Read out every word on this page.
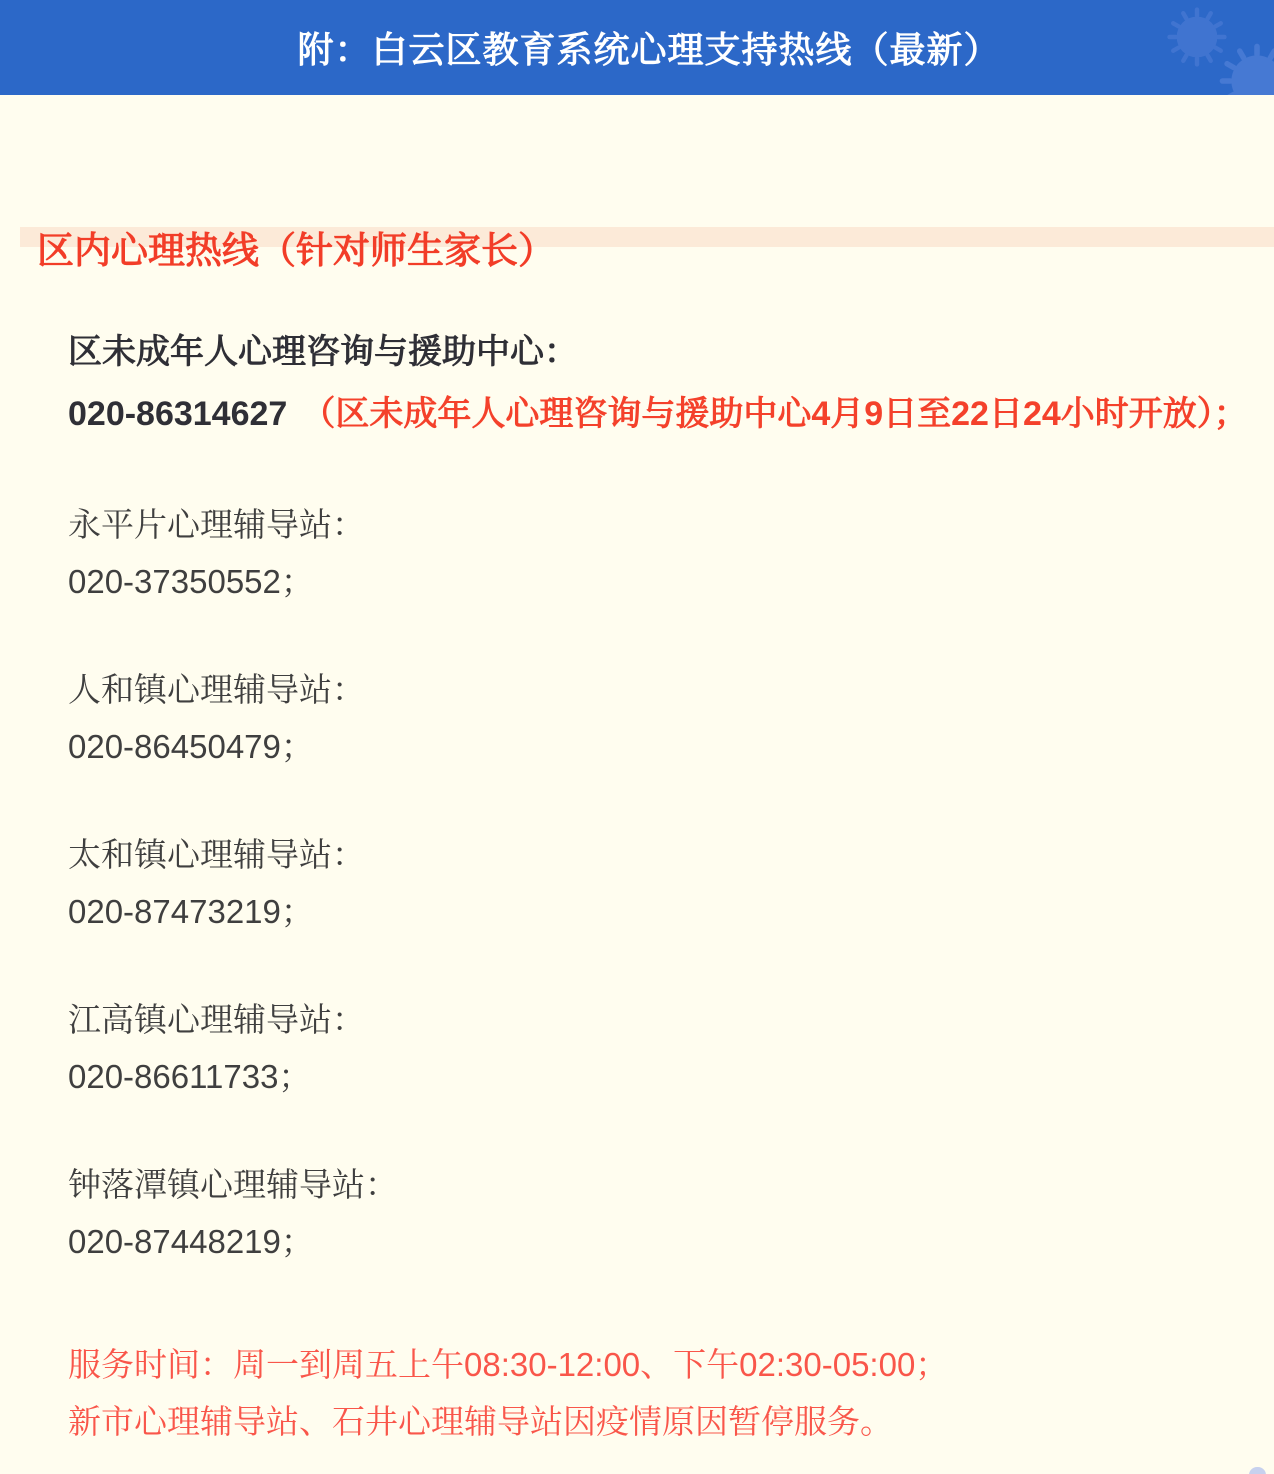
附：白云区教育系统心理支持热线（最新）
区内心理热线（针对师生家长）

区未成年人心理咨询与援助中心：

020-86314627 （区未成年人心理咨询与援助中心4月9日至22日24小时开放）；

永平片心理辅导站：

020-37350552；

人和镇心理辅导站：

020-86450479；

太和镇心理辅导站：

020-87473219；

江高镇心理辅导站：

020-86611733；

钟落潭镇心理辅导站：

020-87448219；

服务时间：周一到周五上午08:30-12:00、下午02:30-05:00；

新市心理辅导站、石井心理辅导站因疫情原因暂停服务。
